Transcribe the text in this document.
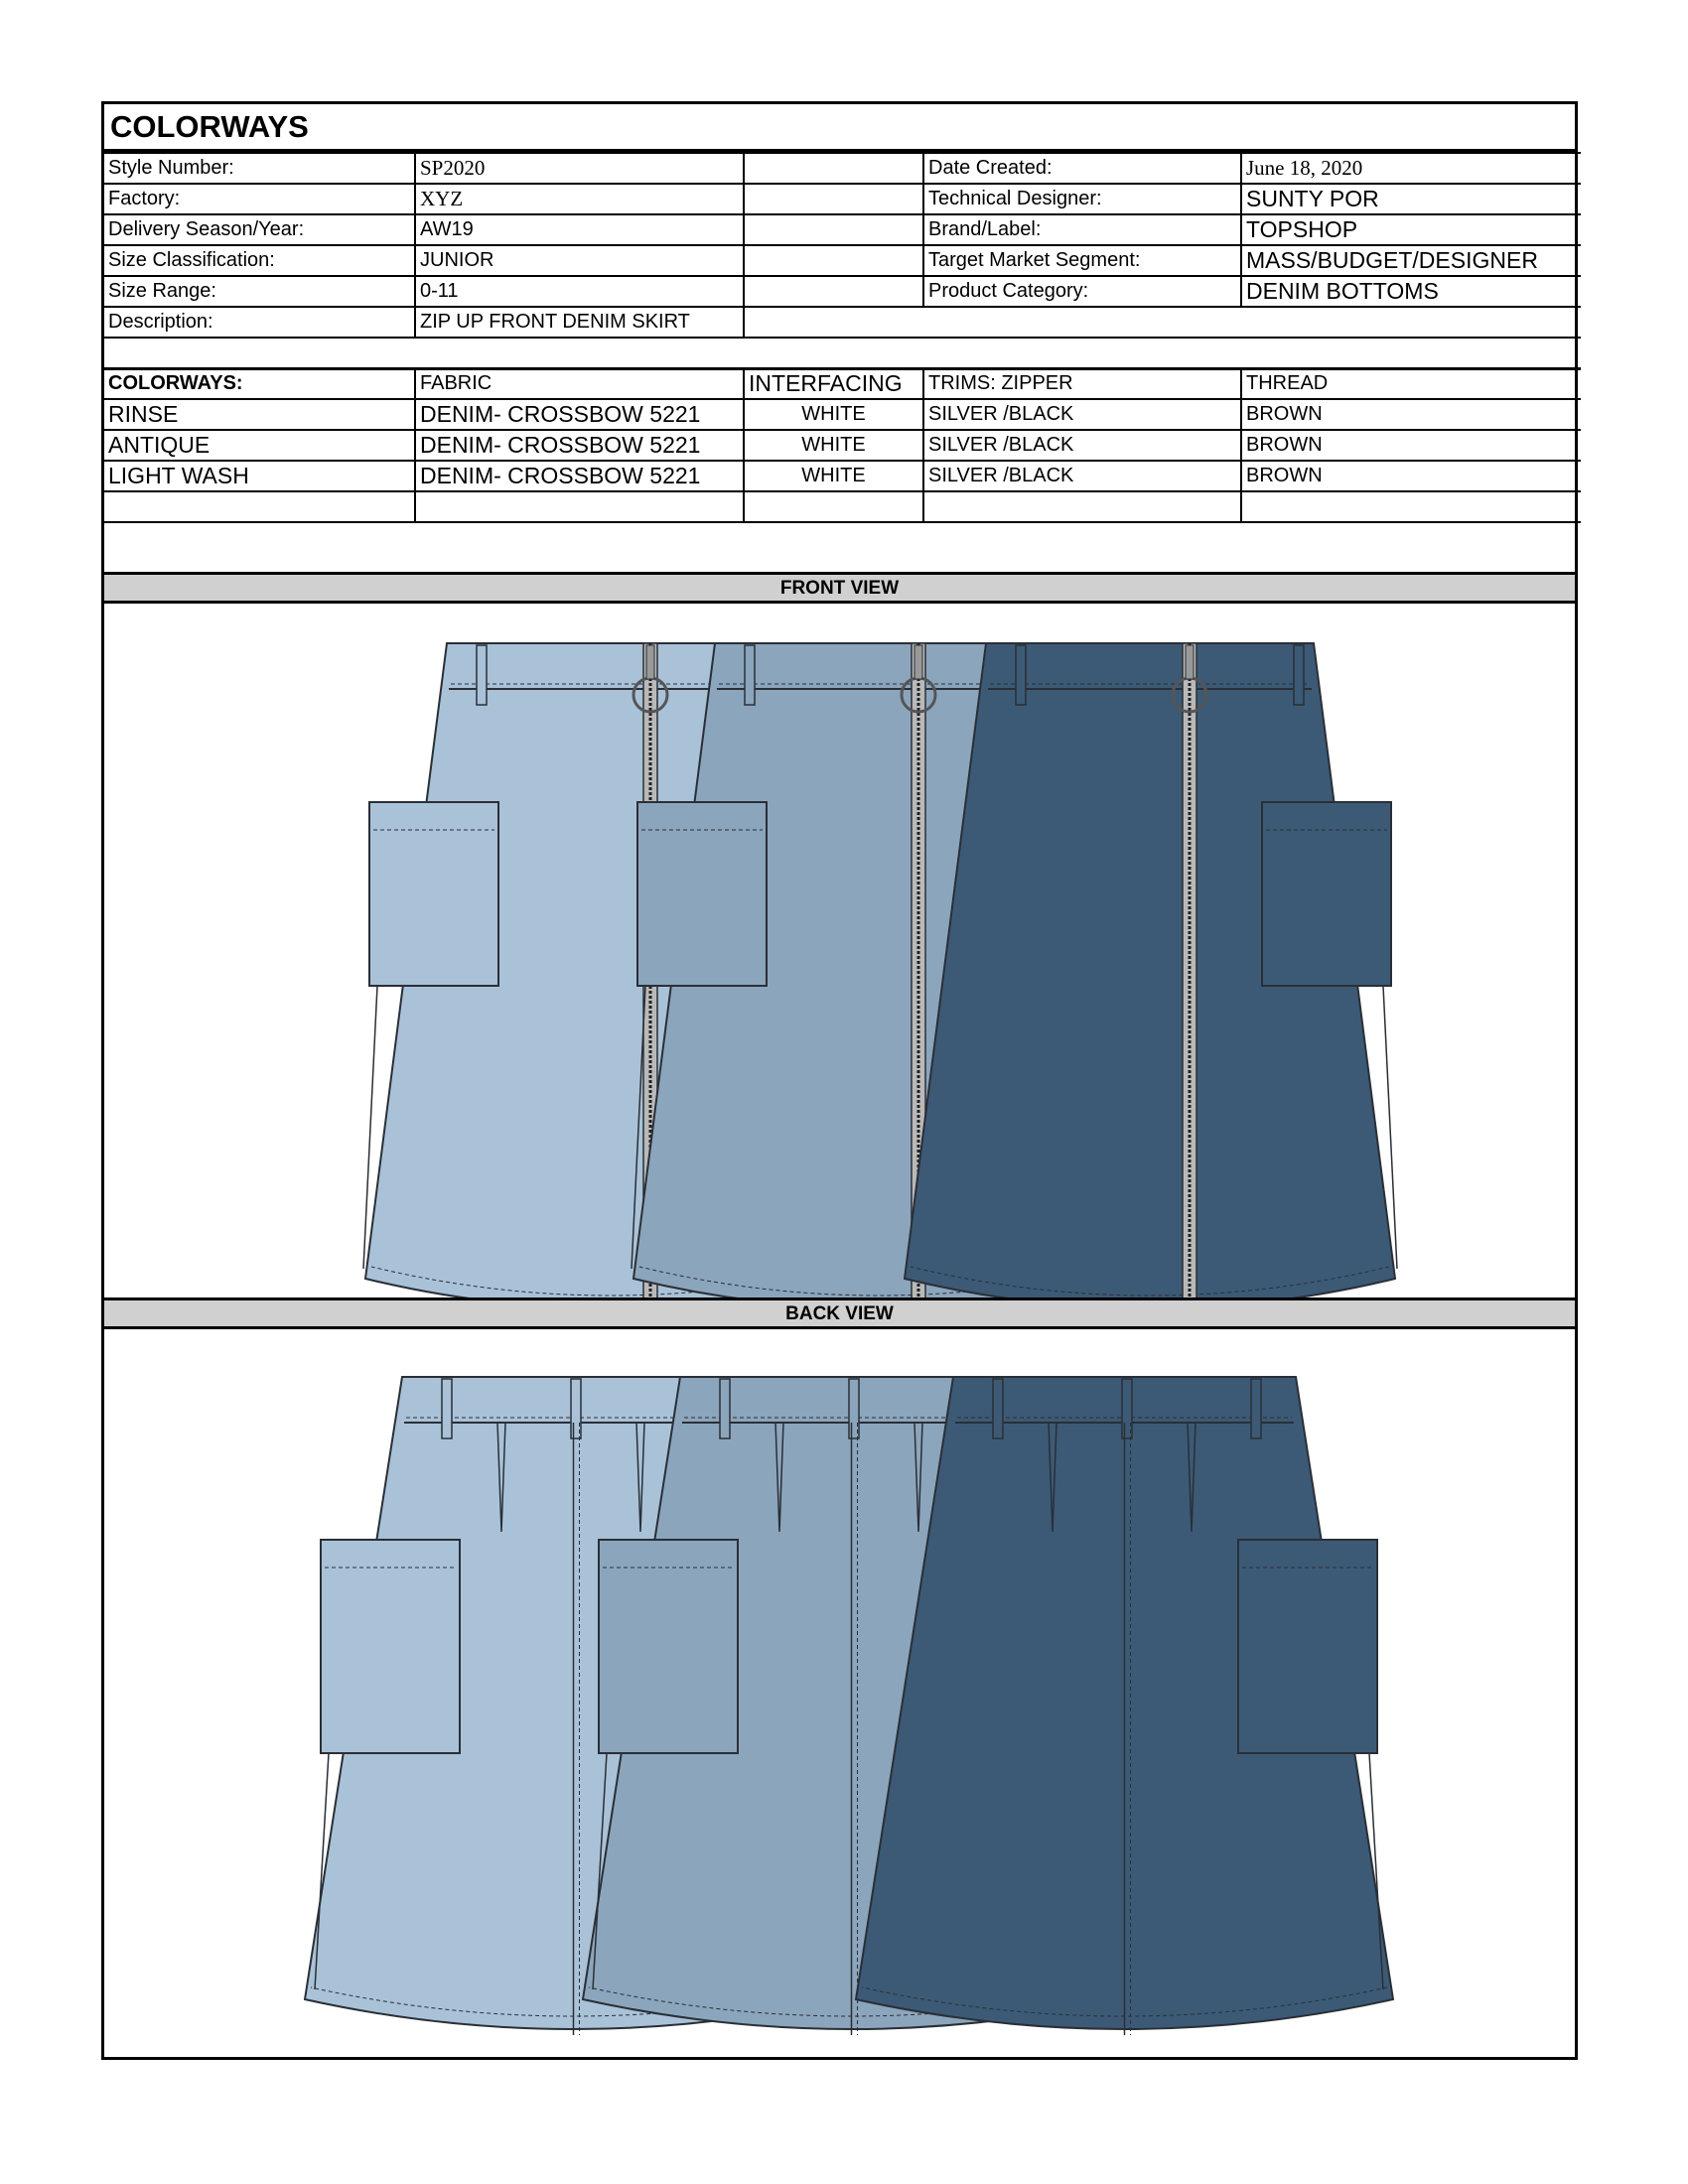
COLORWAYS
Style Number:	SP2020		Date Created:	June 18, 2020
Factory:	XYZ		Technical Designer:	SUNTY POR
Delivery Season/Year:	AW19		Brand/Label:	TOPSHOP
Size Classification:	JUNIOR		Target Market Segment:	MASS/BUDGET/DESIGNER
Size Range:	0-11		Product Category:	DENIM BOTTOMS
Description:	ZIP UP FRONT DENIM SKIRT			

COLORWAYS:	FABRIC	INTERFACING	TRIMS: ZIPPER	THREAD
RINSE	DENIM- CROSSBOW 5221	WHITE	SILVER /BLACK	BROWN
ANTIQUE	DENIM- CROSSBOW 5221	WHITE	SILVER /BLACK	BROWN
LIGHT WASH	DENIM- CROSSBOW 5221	WHITE	SILVER /BLACK	BROWN

FRONT VIEW
BACK VIEW
